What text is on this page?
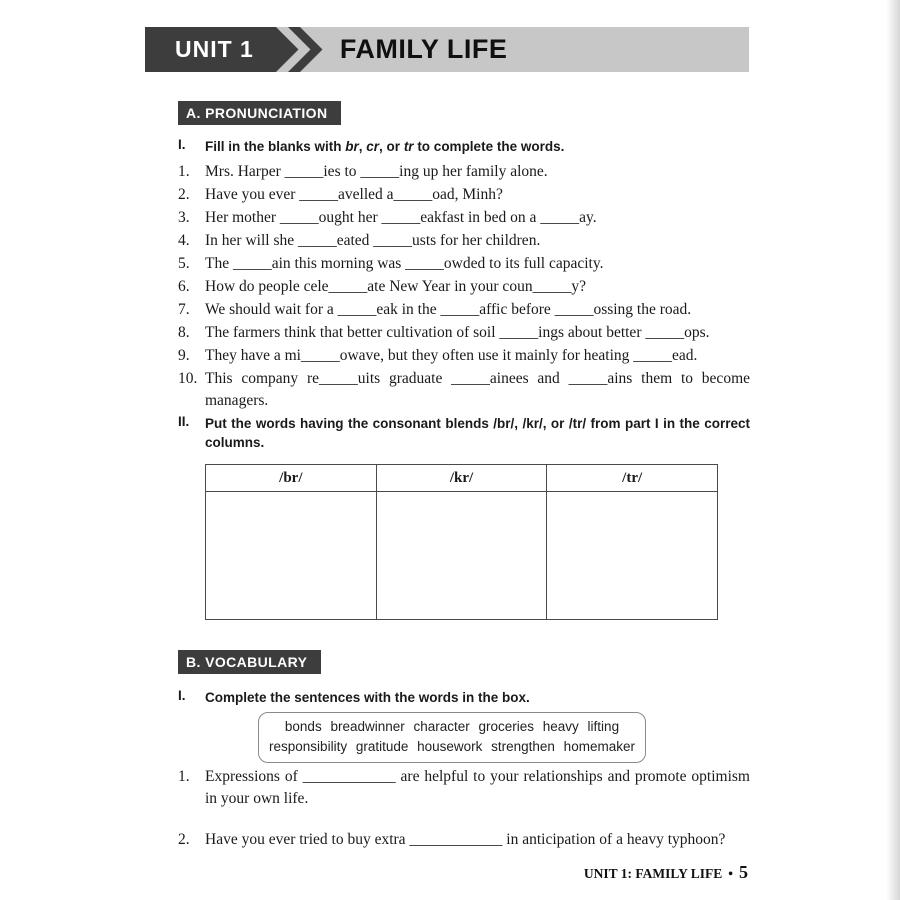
UNIT 1	FAMILY LIFE
A. PRONUNCIATION
I.	Fill in the blanks with br, cr, or tr to complete the words.
1. Mrs. Harper _____ies to _____ing up her family alone.
2. Have you ever _____avelled a_____oad, Minh?
3. Her mother _____ought her _____eakfast in bed on a _____ay.
4. In her will she _____eated _____usts for her children.
5. The _____ain this morning was _____owded to its full capacity.
6. How do people cele_____ate New Year in your coun_____y?
7. We should wait for a _____eak in the _____affic before _____ossing the road.
8. The farmers think that better cultivation of soil _____ings about better _____ops.
9. They have a mi_____owave, but they often use it mainly for heating _____ead.
10. This company re_____uits graduate _____ainees and _____ains them to become managers.
II.	Put the words having the consonant blends /br/, /kr/, or /tr/ from part I in the correct columns.
/br/	/kr/	/tr/
B. VOCABULARY
I.	Complete the sentences with the words in the box.
bonds breadwinner character groceries heavy lifting
responsibility gratitude housework strengthen homemaker
1. Expressions of ____________ are helpful to your relationships and promote optimism in your own life.
2. Have you ever tried to buy extra ____________ in anticipation of a heavy typhoon?
UNIT 1: FAMILY LIFE • 5
